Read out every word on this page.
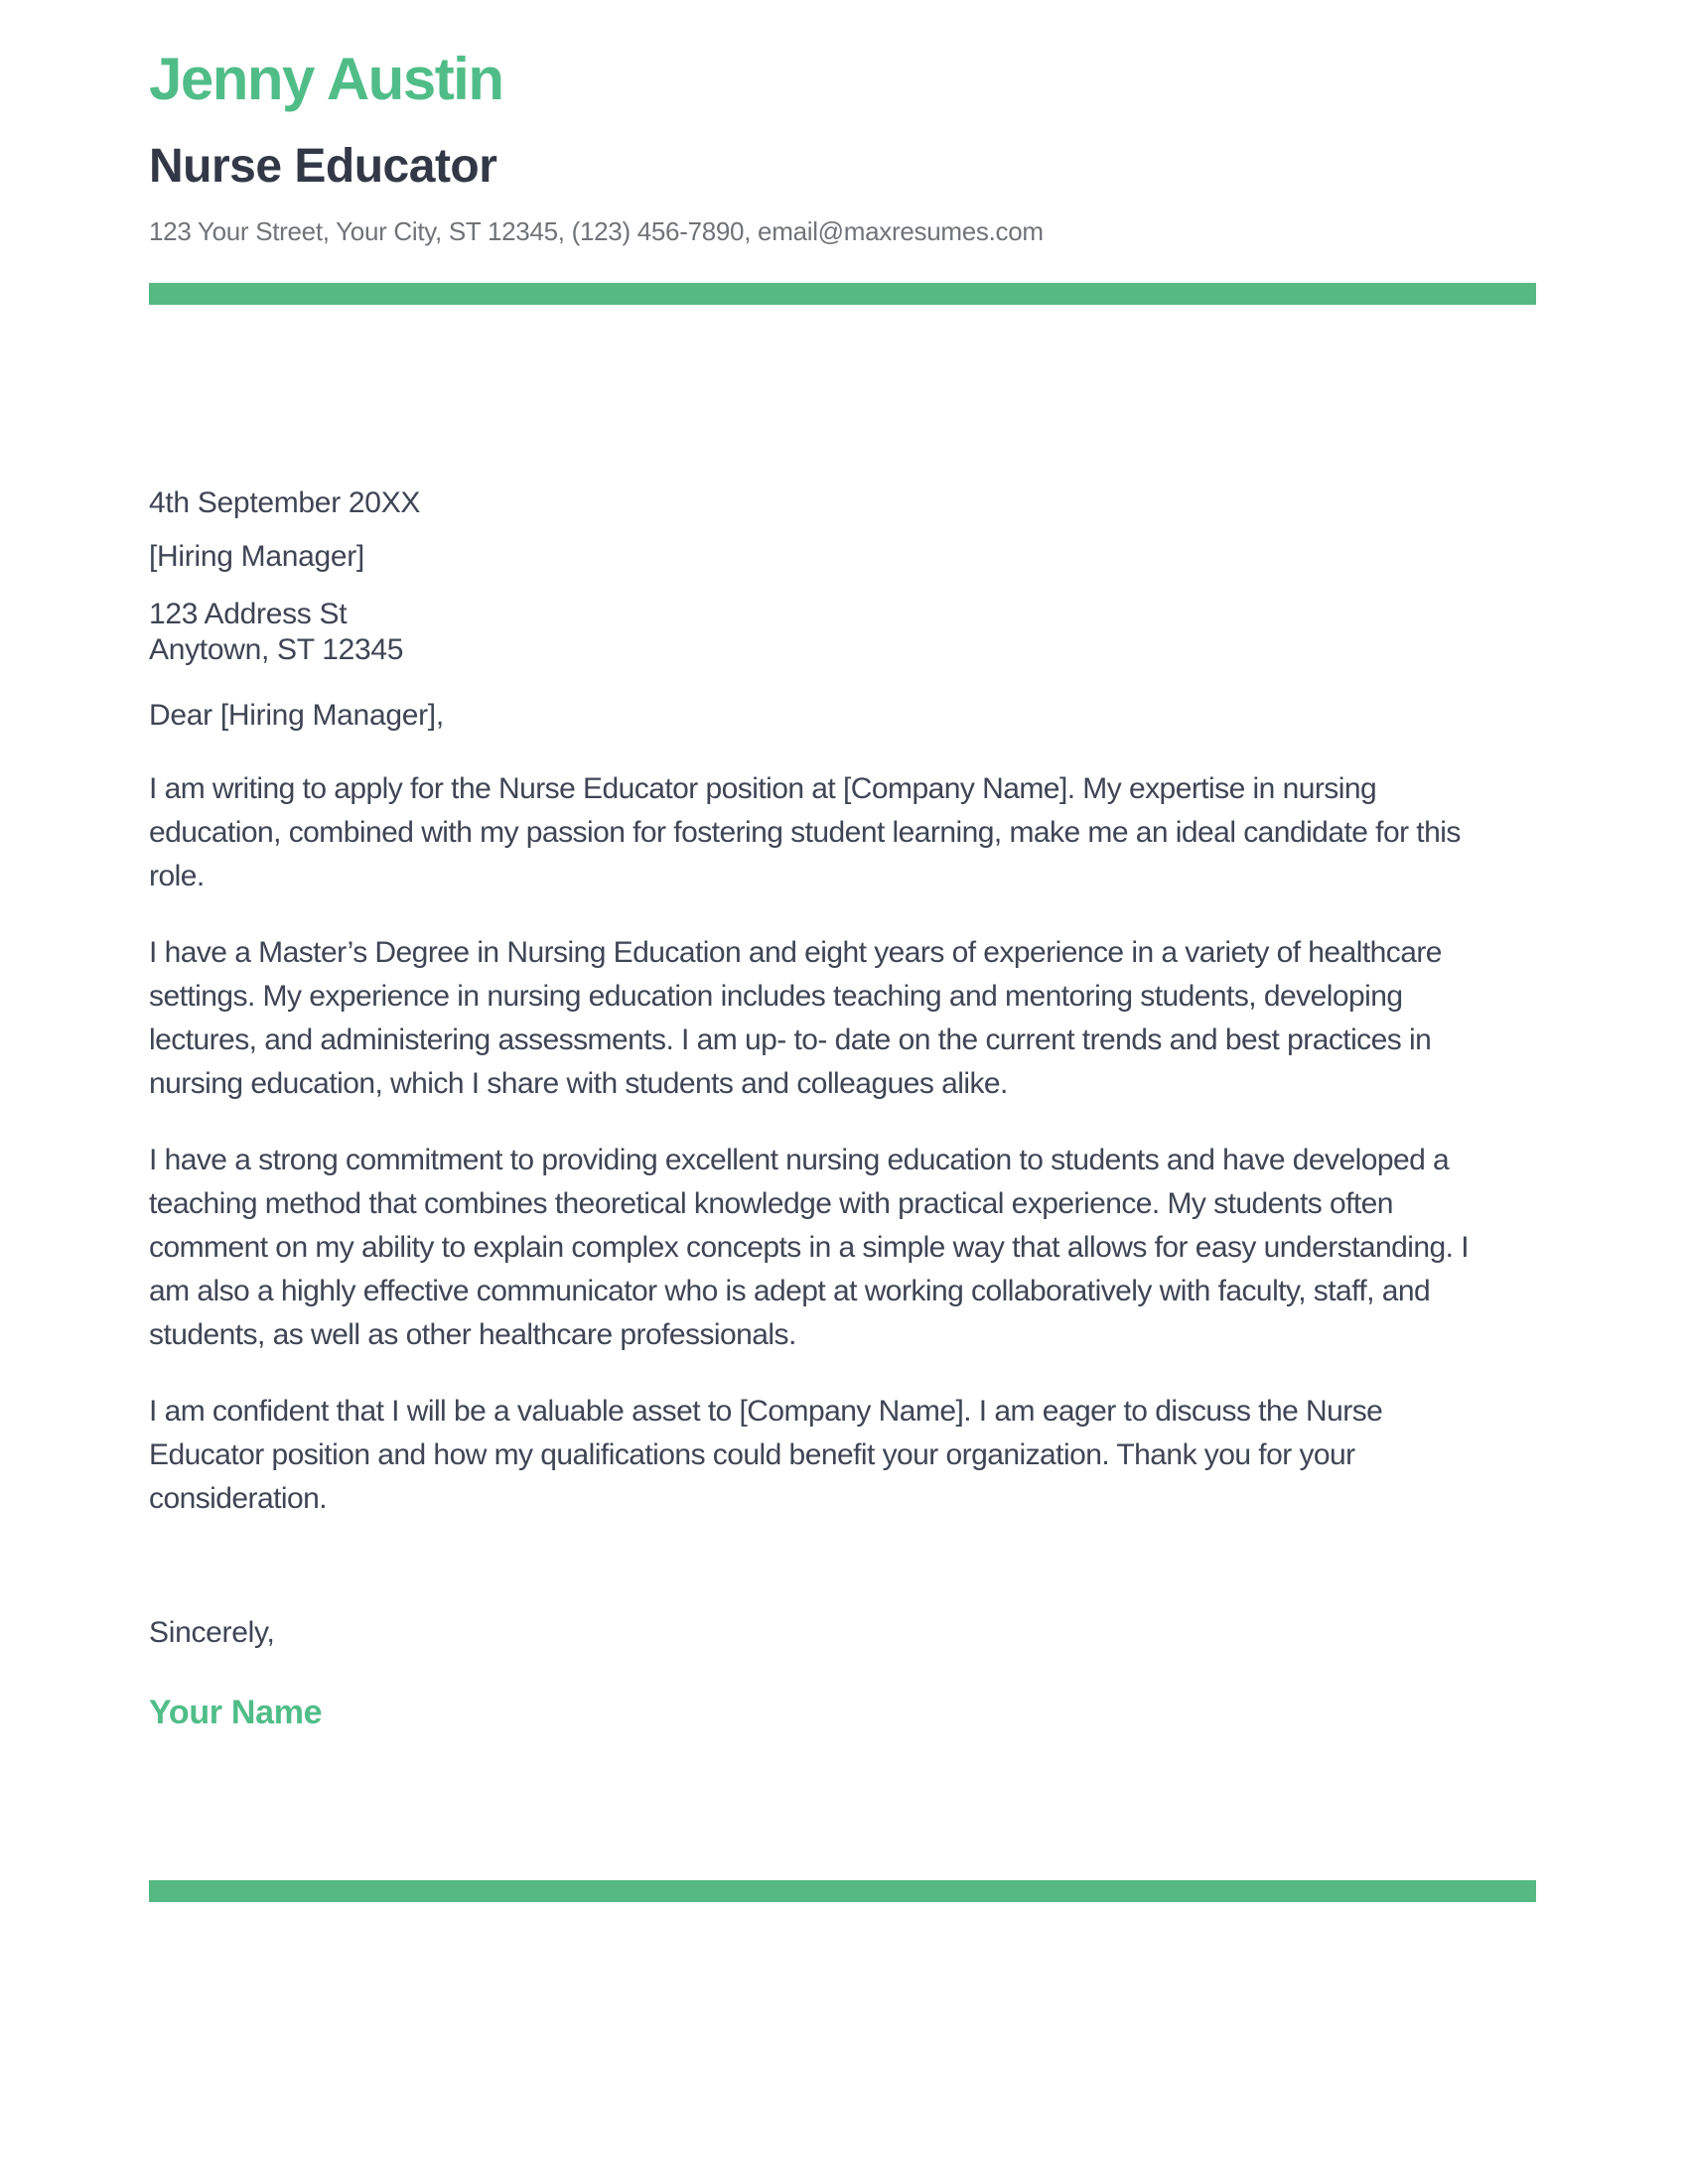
Jenny Austin
Nurse Educator
123 Your Street, Your City, ST 12345, (123) 456-7890, email@maxresumes.com

4th September 20XX

[Hiring Manager]

123 Address St
Anytown, ST 12345

Dear [Hiring Manager],

I am writing to apply for the Nurse Educator position at [Company Name]. My expertise in nursing
education, combined with my passion for fostering student learning, make me an ideal candidate for this
role.

I have a Master’s Degree in Nursing Education and eight years of experience in a variety of healthcare
settings. My experience in nursing education includes teaching and mentoring students, developing
lectures, and administering assessments. I am up- to- date on the current trends and best practices in
nursing education, which I share with students and colleagues alike.

I have a strong commitment to providing excellent nursing education to students and have developed a
teaching method that combines theoretical knowledge with practical experience. My students often
comment on my ability to explain complex concepts in a simple way that allows for easy understanding. I
am also a highly effective communicator who is adept at working collaboratively with faculty, staff, and
students, as well as other healthcare professionals.

I am confident that I will be a valuable asset to [Company Name]. I am eager to discuss the Nurse
Educator position and how my qualifications could benefit your organization. Thank you for your
consideration.

Sincerely,

Your Name
